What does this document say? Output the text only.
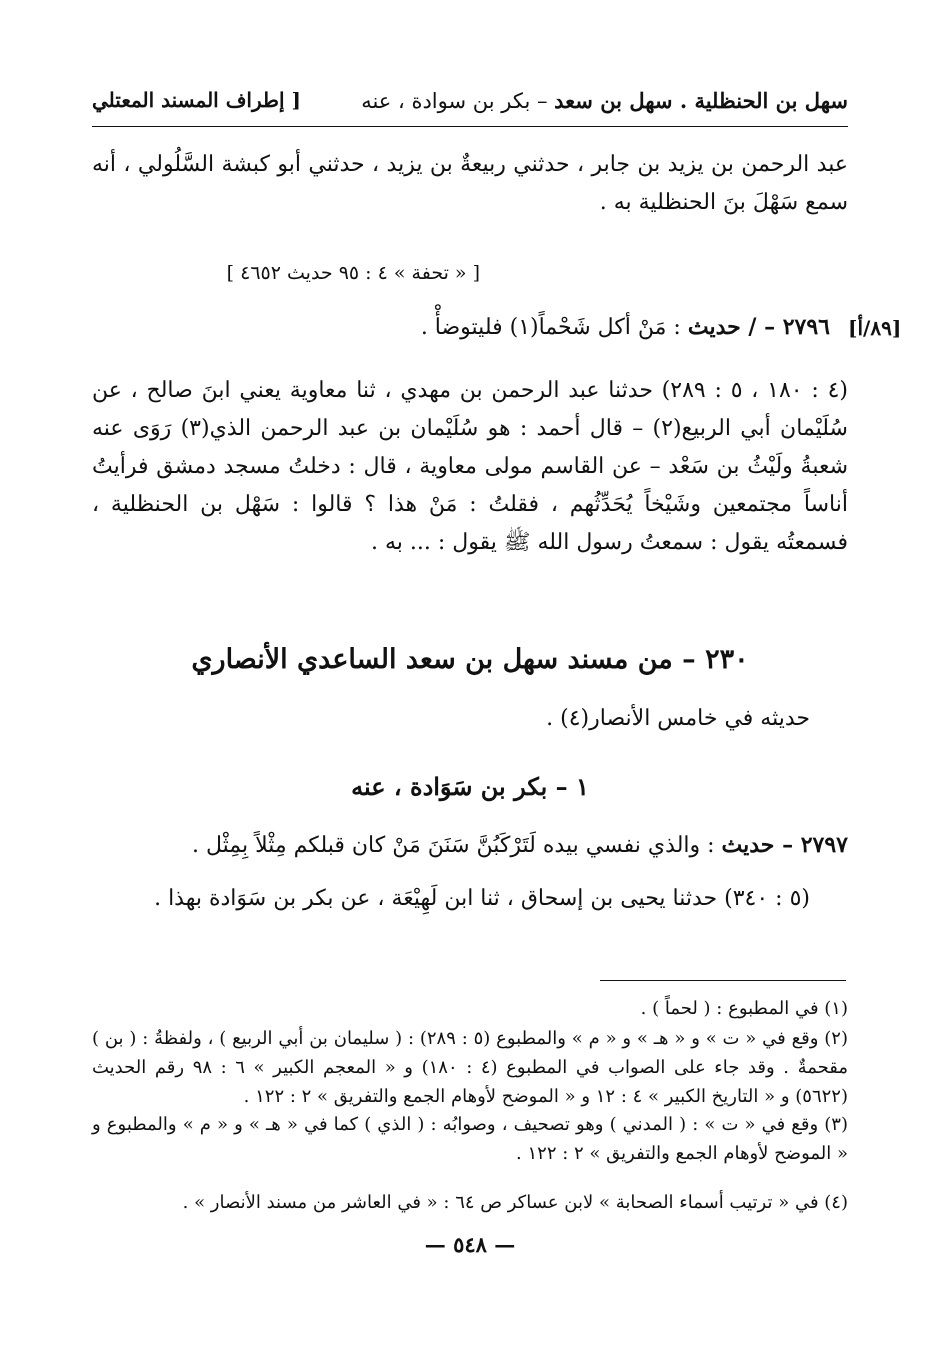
سهل بن الحنظلية . سهل بن سعد – بكر بن سوادة ، عنه
[ إطراف المسند المعتلي
عبد الرحمن بن يزيد بن جابر ، حدثني ربيعةٌ بن يزيد ، حدثني أبو كبشة السَّلُولي ، أنه سمع سَهْلَ بنَ الحنظلية به .
[ « تحفة » ٤ : ٩٥ حديث ٤٦٥٢ ]
[٨٩/أ]
٢٧٩٦ – / حديث : مَنْ أكل شَحْماً(١) فليتوضأْ .
(٤ : ١٨٠ ، ٥ : ٢٨٩) حدثنا عبد الرحمن بن مهدي ، ثنا معاوية يعني ابنَ صالح ، عن سُلَيْمان أبي الربيع(٢) – قال أحمد : هو سُلَيْمان بن عبد الرحمن الذي(٣) رَوَى عنه شعبةُ ولَيْثُ بن سَعْد – عن القاسم مولى معاوية ، قال : دخلتُ مسجد دمشق فرأيتُ أناساً مجتمعين وشَيْخاً يُحَدِّثُهم ، فقلتُ : مَنْ هذا ؟ قالوا : سَهْل بن الحنظلية ، فسمعتُه يقول : سمعتُ رسول الله ﷺ يقول : ... به .
٢٣٠ – من مسند سهل بن سعد الساعدي الأنصاري
حديثه في خامس الأنصار(٤) .
١ – بكر بن سَوَادة ، عنه
٢٧٩٧ – حديث : والذي نفسي بيده لَتَرْكَبُنَّ سَنَنَ مَنْ كان قبلكم مِثْلاً بِمِثْل .
(٥ : ٣٤٠) حدثنا يحيى بن إسحاق ، ثنا ابن لَهِيْعَة ، عن بكر بن سَوَادة بهذا .
(١) في المطبوع : ( لحماً ) .
(٢) وقع في « ت » و « هـ » و « م » والمطبوع (٥ : ٢٨٩) : ( سليمان بن أبي الربيع ) ، ولفظةُ : ( بن ) مقحمةٌ . وقد جاء على الصواب في المطبوع (٤ : ١٨٠) و « المعجم الكبير » ٦ : ٩٨ رقم الحديث (٥٦٢٢) و « التاريخ الكبير » ٤ : ١٢ و « الموضح لأوهام الجمع والتفريق » ٢ : ١٢٢ .
(٣) وقع في « ت » : ( المدني ) وهو تصحيف ، وصوابُه : ( الذي ) كما في « هـ » و « م » والمطبوع و « الموضح لأوهام الجمع والتفريق » ٢ : ١٢٢ .
(٤) في « ترتيب أسماء الصحابة » لابن عساكر ص ٦٤ : « في العاشر من مسند الأنصار » .
— ٥٤٨ —
